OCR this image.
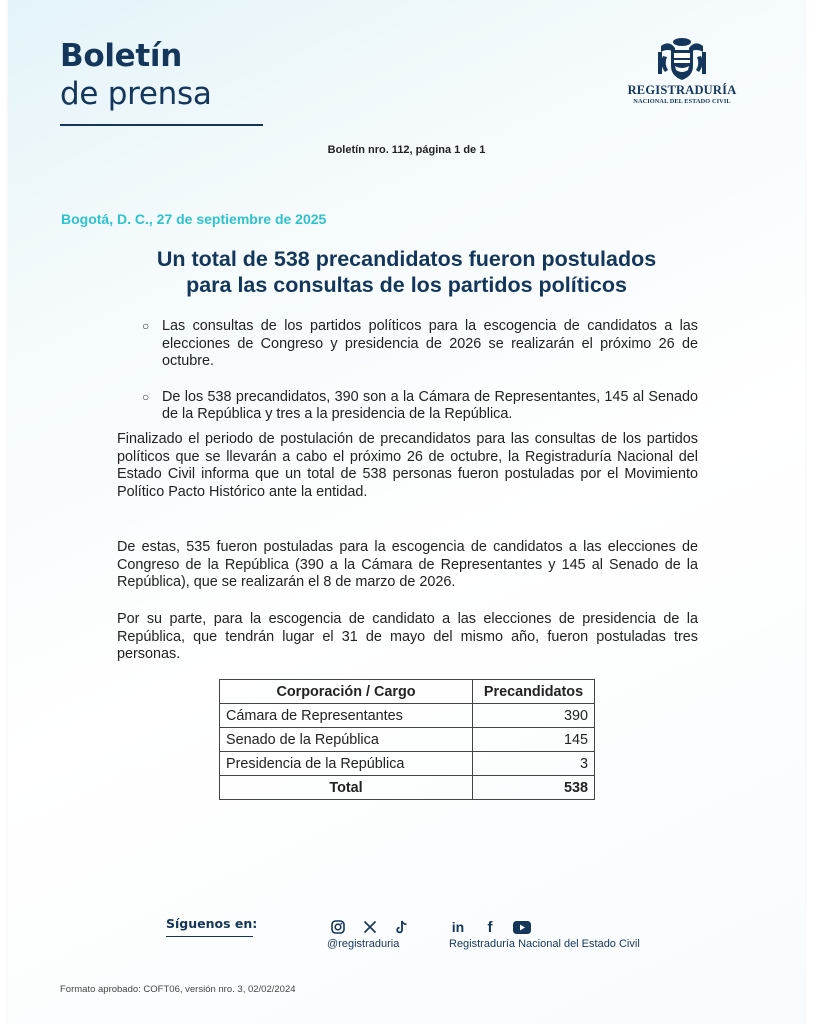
Boletín
de prensa	REGISTRADURÍA
NACIONAL DEL ESTADO CIVIL
Boletín nro. 112, página 1 de 1
Bogotá, D. C., 27 de septiembre de 2025
Un total de 538 precandidatos fueron postulados
para las consultas de los partidos políticos
○ Las consultas de los partidos políticos para la escogencia de candidatos a las elecciones de Congreso y presidencia de 2026 se realizarán el próximo 26 de octubre.
○ De los 538 precandidatos, 390 son a la Cámara de Representantes, 145 al Senado de la República y tres a la presidencia de la República.

Finalizado el periodo de postulación de precandidatos para las consultas de los partidos políticos que se llevarán a cabo el próximo 26 de octubre, la Registraduría Nacional del Estado Civil informa que un total de 538 personas fueron postuladas por el Movimiento Político Pacto Histórico ante la entidad.

De estas, 535 fueron postuladas para la escogencia de candidatos a las elecciones de Congreso de la República (390 a la Cámara de Representantes y 145 al Senado de la República), que se realizarán el 8 de marzo de 2026.

Por su parte, para la escogencia de candidato a las elecciones de presidencia de la República, que tendrán lugar el 31 de mayo del mismo año, fueron postuladas tres personas.

Corporación / Cargo	Precandidatos
Cámara de Representantes	390
Senado de la República	145
Presidencia de la República	3
Total	538
Síguenos en:
@registraduria
in	f
Registraduría Nacional del Estado Civil
Formato aprobado: COFT06, versión nro. 3, 02/02/2024
